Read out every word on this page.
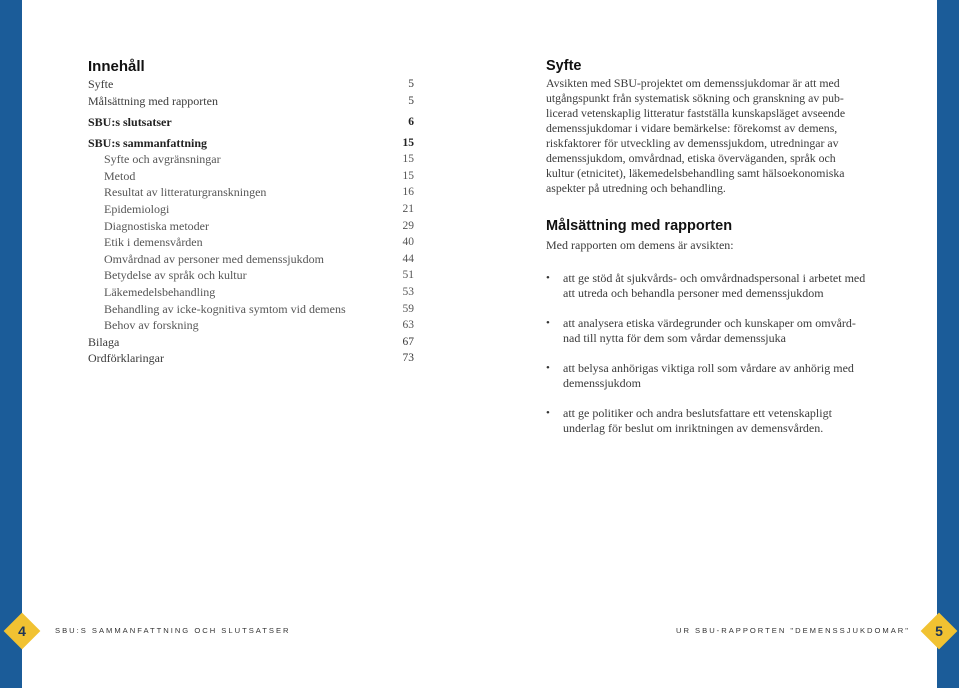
Innehåll
Syfte	5
Målsättning med rapporten	5
SBU:s slutsatser	6
SBU:s sammanfattning	15
Syfte och avgränsningar	15
Metod	15
Resultat av litteraturgranskningen	16
Epidemiologi	21
Diagnostiska metoder	29
Etik i demensvården	40
Omvårdnad av personer med demenssjukdom	44
Betydelse av språk och kultur	51
Läkemedelsbehandling	53
Behandling av icke-kognitiva symtom vid demens	59
Behov av forskning	63
Bilaga	67
Ordförklaringar	73
Syfte
Avsikten med SBU-projektet om demenssjukdomar är att med
utgångspunkt från systematisk sökning och granskning av pub-
licerad vetenskaplig litteratur fastställa kunskapsläget avseende
demenssjukdomar i vidare bemärkelse: förekomst av demens,
riskfaktorer för utveckling av demenssjukdom, utredningar av
demenssjukdom, omvårdnad, etiska överväganden, språk och
kultur (etnicitet), läkemedelsbehandling samt hälsoekonomiska
aspekter på utredning och behandling.
Målsättning med rapporten

Med rapporten om demens är avsikten:

• att ge stöd åt sjukvårds- och omvårdnadspersonal i arbetet med
att utreda och behandla personer med demenssjukdom
• att analysera etiska värdegrunder och kunskaper om omvård-
nad till nytta för dem som vårdar demenssjuka
• att belysa anhörigas viktiga roll som vårdare av anhörig med
demenssjukdom
• att ge politiker och andra beslutsfattare ett vetenskapligt
underlag för beslut om inriktningen av demensvården.
4	SBU:S SAMMANFATTNING OCH SLUTSATSER	UR SBU-RAPPORTEN "DEMENSSJUKDOMAR"	5
